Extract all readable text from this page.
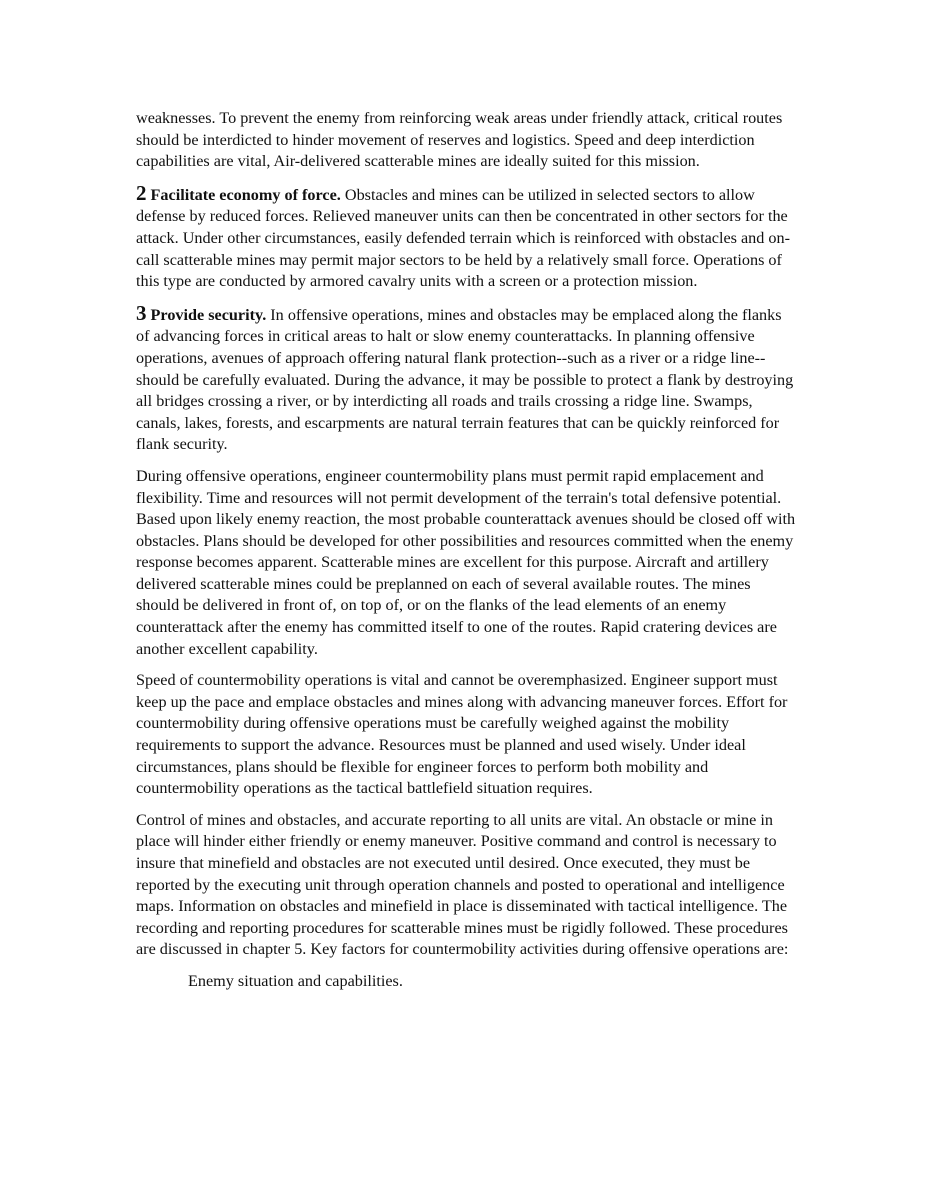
weaknesses. To prevent the enemy from reinforcing weak areas under friendly attack, critical routes should be interdicted to hinder movement of reserves and logistics. Speed and deep interdiction capabilities are vital, Air-delivered scatterable mines are ideally suited for this mission.

2 Facilitate economy of force. Obstacles and mines can be utilized in selected sectors to allow defense by reduced forces. Relieved maneuver units can then be concentrated in other sectors for the attack. Under other circumstances, easily defended terrain which is reinforced with obstacles and on-call scatterable mines may permit major sectors to be held by a relatively small force. Operations of this type are conducted by armored cavalry units with a screen or a protection mission.

3 Provide security. In offensive operations, mines and obstacles may be emplaced along the flanks of advancing forces in critical areas to halt or slow enemy counterattacks. In planning offensive operations, avenues of approach offering natural flank protection--such as a river or a ridge line--should be carefully evaluated. During the advance, it may be possible to protect a flank by destroying all bridges crossing a river, or by interdicting all roads and trails crossing a ridge line. Swamps, canals, lakes, forests, and escarpments are natural terrain features that can be quickly reinforced for flank security.

During offensive operations, engineer countermobility plans must permit rapid emplacement and flexibility. Time and resources will not permit development of the terrain's total defensive potential. Based upon likely enemy reaction, the most probable counterattack avenues should be closed off with obstacles. Plans should be developed for other possibilities and resources committed when the enemy response becomes apparent. Scatterable mines are excellent for this purpose. Aircraft and artillery delivered scatterable mines could be preplanned on each of several available routes. The mines should be delivered in front of, on top of, or on the flanks of the lead elements of an enemy counterattack after the enemy has committed itself to one of the routes. Rapid cratering devices are another excellent capability.

Speed of countermobility operations is vital and cannot be overemphasized. Engineer support must keep up the pace and emplace obstacles and mines along with advancing maneuver forces. Effort for countermobility during offensive operations must be carefully weighed against the mobility requirements to support the advance. Resources must be planned and used wisely. Under ideal circumstances, plans should be flexible for engineer forces to perform both mobility and countermobility operations as the tactical battlefield situation requires.

Control of mines and obstacles, and accurate reporting to all units are vital. An obstacle or mine in place will hinder either friendly or enemy maneuver. Positive command and control is necessary to insure that minefield and obstacles are not executed until desired. Once executed, they must be reported by the executing unit through operation channels and posted to operational and intelligence maps. Information on obstacles and minefield in place is disseminated with tactical intelligence. The recording and reporting procedures for scatterable mines must be rigidly followed. These procedures are discussed in chapter 5. Key factors for countermobility activities during offensive operations are:

Enemy situation and capabilities.
